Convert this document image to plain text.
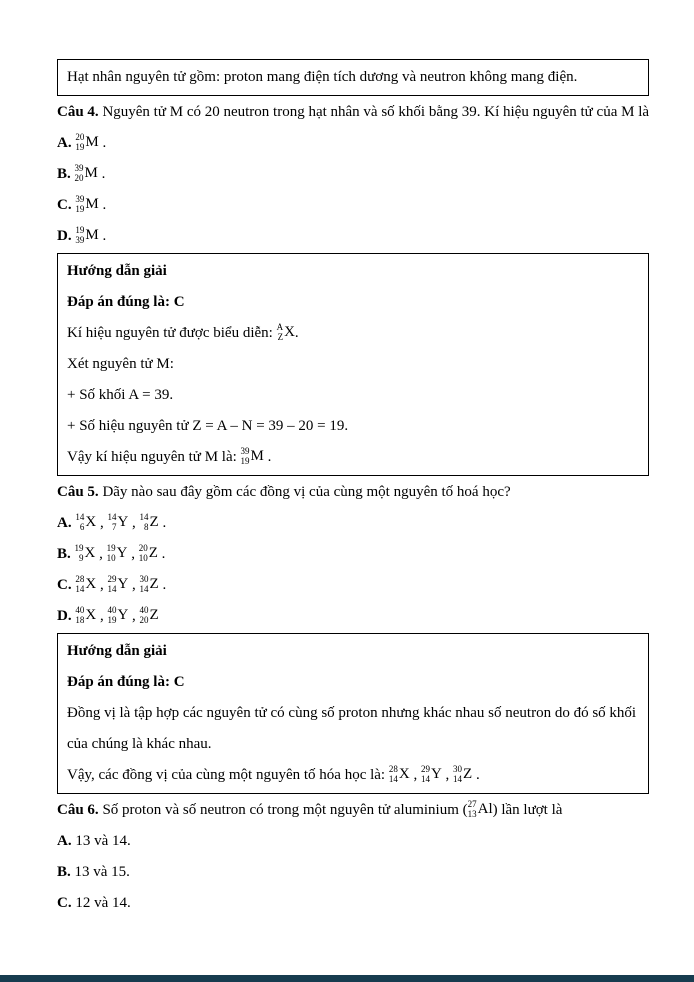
Hạt nhân nguyên tử gồm: proton mang điện tích dương và neutron không mang điện.

Câu 4. Nguyên tử M có 20 neutron trong hạt nhân và số khối bằng 39. Kí hiệu nguyên tử của M là

A. 20
19 M .

B. 39
20 M .

C. 39
19 M .

D. 19
39 M .

Hướng dẫn giải

Đáp án đúng là: C

Kí hiệu nguyên tử được biểu diễn: A
Z X .

Xét nguyên tử M:

+ Số khối A = 39.

+ Số hiệu nguyên tử Z = A – N = 39 – 20 = 19.

Vậy kí hiệu nguyên tử M là: 39
19 M .

Câu 5. Dãy nào sau đây gồm các đồng vị của cùng một nguyên tố hoá học?

A. 14
6 X , 14
7 Y , 14
8 Z .

B. 19
9 X , 19
10 Y , 20
10 Z .

C. 28
14 X , 29
14 Y , 30
14 Z .

D. 40
18 X , 40
19 Y , 40
20 Z

Hướng dẫn giải

Đáp án đúng là: C

Đồng vị là tập hợp các nguyên tử có cùng số proton nhưng khác nhau số neutron do đó số khối của chúng là khác nhau.

Vậy, các đồng vị của cùng một nguyên tố hóa học là: 28
14 X , 29
14 Y , 30
14 Z .

Câu 6. Số proton và số neutron có trong một nguyên tử aluminium ( 27
13 Al ) lần lượt là

A. 13 và 14.

B. 13 và 15.

C. 12 và 14.
